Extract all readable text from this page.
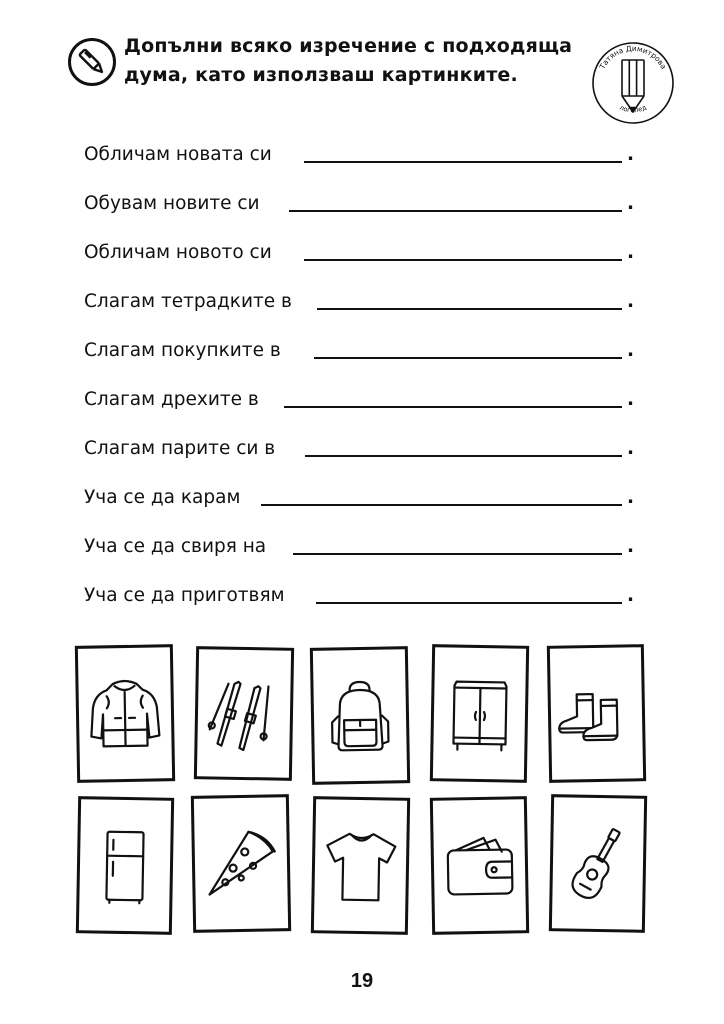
Допълни всяко изречение с подходяща дума, като използваш картинките.	Татяна Димитрова
логопед
Обличам новата си	.
Обувам новите си	.
Обличам новото си	.
Слагам тетрадките в	.
Слагам покупките в	.
Слагам дрехите в	.
Слагам парите си в	.
Уча се да карам	.
Уча се да свиря на	.
Уча се да приготвям	.
19
